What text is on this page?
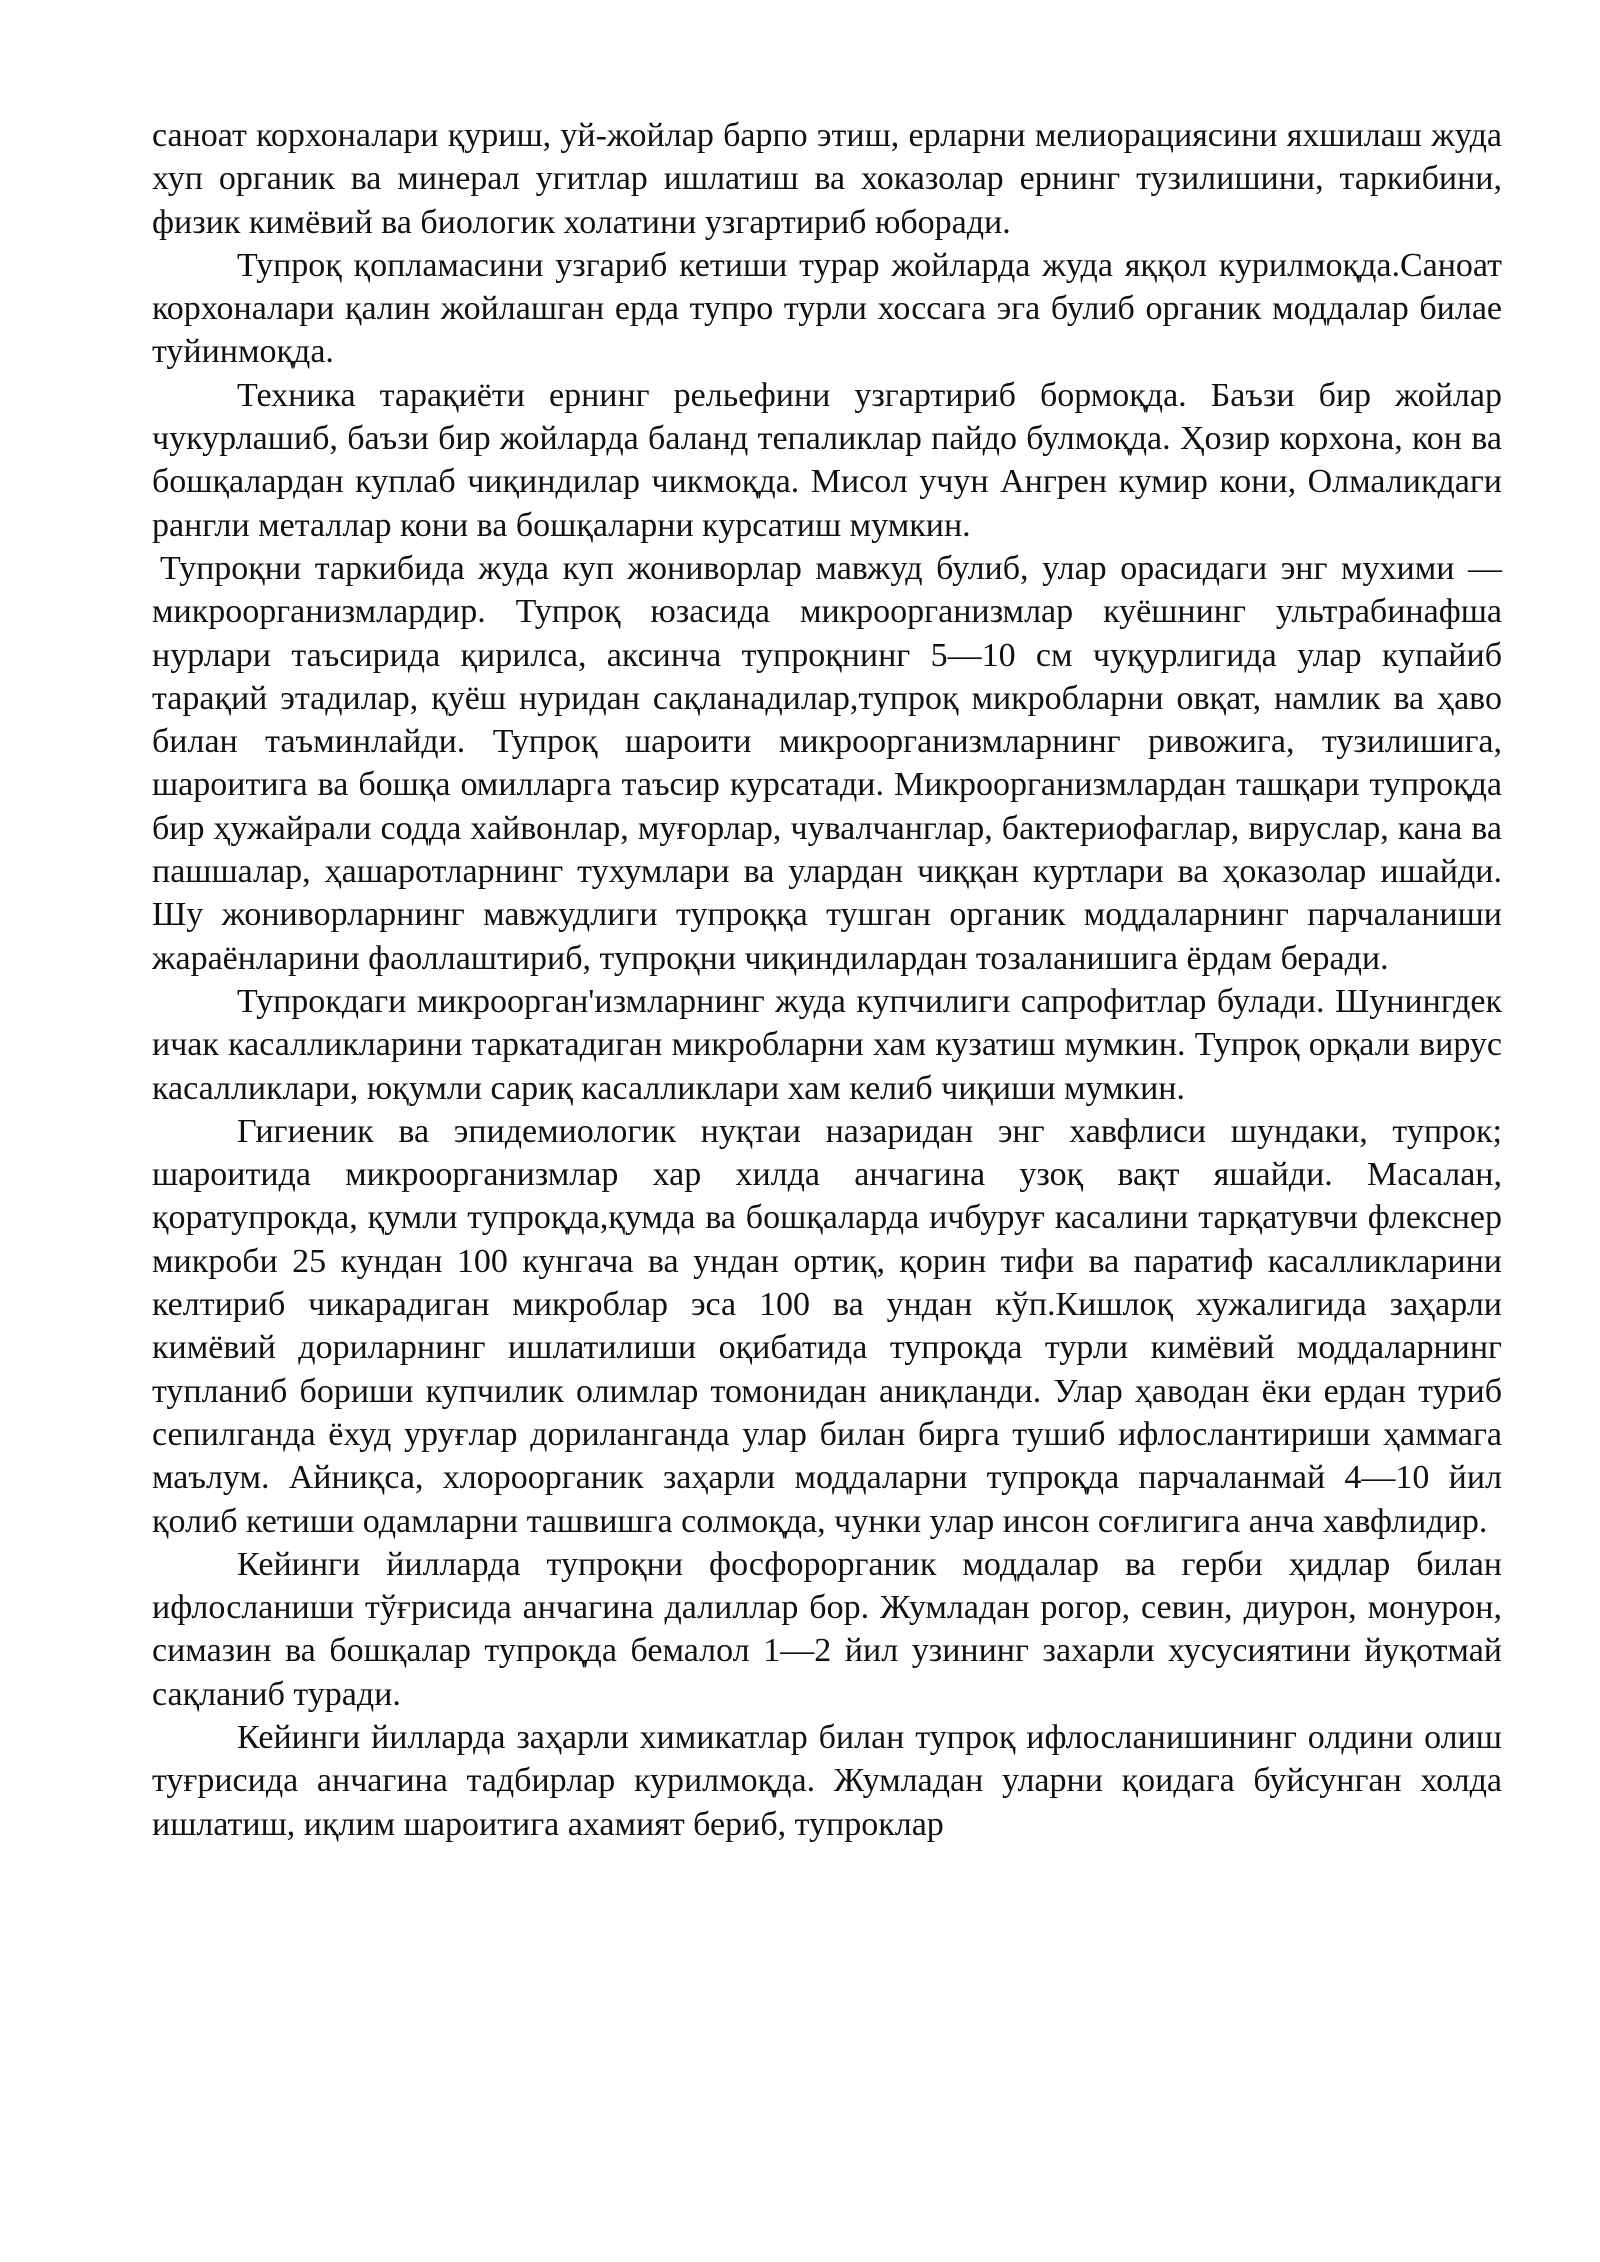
саноат корхоналари қуриш, уй-жойлар барпо этиш, ерларни мелиорациясини яхшилаш жуда хуп органик ва минерал угитлар ишлатиш ва хоказолар ернинг тузилишини, таркибини, физик кимёвий ва биологик холатини узгартириб юборади.

Тупроқ қопламасини узгариб кетиши турар жойларда жуда яққол курилмоқда.Саноат корхоналари қалин жойлашган ерда тупро турли хоссага эга булиб органик моддалар билае туйинмоқда.

Техника тарақиёти ернинг рельефини узгартириб бормоқда. Баъзи бир жойлар чукурлашиб, баъзи бир жойларда баланд тепаликлар пайдо булмоқда. Ҳозир корхона, кон ва бошқалардан куплаб чиқиндилар чикмоқда. Мисол учун Ангрен кумир кони, Олмаликдаги рангли металлар кони ва бошқаларни курсатиш мумкин.

Тупроқни таркибида жуда куп жониворлар мавжуд булиб, улар орасидаги энг мухими — микроорганизмлардир. Тупроқ юзасида микроорганизмлар куёшнинг ультрабинафша нурлари таъсирида қирилса, аксинча тупроқнинг 5—10 см чуқурлигида улар купайиб тарақий этадилар, қуёш нуридан сақланадилар,тупроқ микробларни овқат, намлик ва ҳаво билан таъминлайди. Тупроқ шароити микроорганизмларнинг ривожига, тузилишига, шароитига ва бошқа омилларга таъсир курсатади. Микроорганизмлардан ташқари тупроқда бир ҳужайрали содда хайвонлар, муғорлар, чувалчанглар, бактериофаглар, вируслар, кана ва пашшалар, ҳашаротларнинг тухумлари ва улардан чиққан куртлари ва ҳоказолар ишайди. Шу жониворларнинг мавжудлиги тупроққа тушган органик моддаларнинг парчаланиши жараёнларини фаоллаштириб, тупроқни чиқиндилардан тозаланишига ёрдам беради.

Тупрокдаги микроорган'измларнинг жуда купчилиги сапрофитлар булади. Шунингдек ичак касалликларини таркатадиган микробларни хам кузатиш мумкин. Тупроқ орқали вирус касалликлари, юқумли сариқ касалликлари хам келиб чиқиши мумкин.

Гигиеник ва эпидемиологик нуқтаи назаридан энг хавфлиси шундаки, тупрок; шароитида микроорганизмлар хар хилда анчагина узоқ вақт яшайди. Масалан, қоратупрокда, қумли тупроқда,қумда ва бошқаларда ичбуруғ касалини тарқатувчи флекснер микроби 25 кундан 100 кунгача ва ундан ортиқ, қорин тифи ва паратиф касалликларини келтириб чикарадиган микроблар эса 100 ва ундан кўп.Кишлоқ хужалигида заҳарли кимёвий дориларнинг ишлатилиши оқибатида тупроқда турли кимёвий моддаларнинг тупланиб бориши купчилик олимлар томонидан аниқланди. Улар ҳаводан ёки ердан туриб сепилганда ёхуд уруғлар дориланганда улар билан бирга тушиб ифлослантириши ҳаммага маълум. Айниқса, хлороорганик заҳарли моддаларни тупроқда парчаланмай 4—10 йил қолиб кетиши одамларни ташвишга солмоқда, чунки улар инсон соғлигига анча хавфлидир.

Кейинги йилларда тупроқни фосфорорганик моддалар ва герби ҳидлар билан ифлосланиши тўғрисида анчагина далиллар бор. Жумладан рогор, севин, диурон, монурон, симазин ва бошқалар тупроқда бемалол 1—2 йил узининг захарли хусусиятини йуқотмай сақланиб туради.

Кейинги йилларда заҳарли химикатлар билан тупроқ ифлосланишининг олдини олиш туғрисида анчагина тадбирлар курилмоқда. Жумладан уларни қоидага буйсунган холда ишлатиш, иқлим шароитига ахамият бериб, тупроклар
